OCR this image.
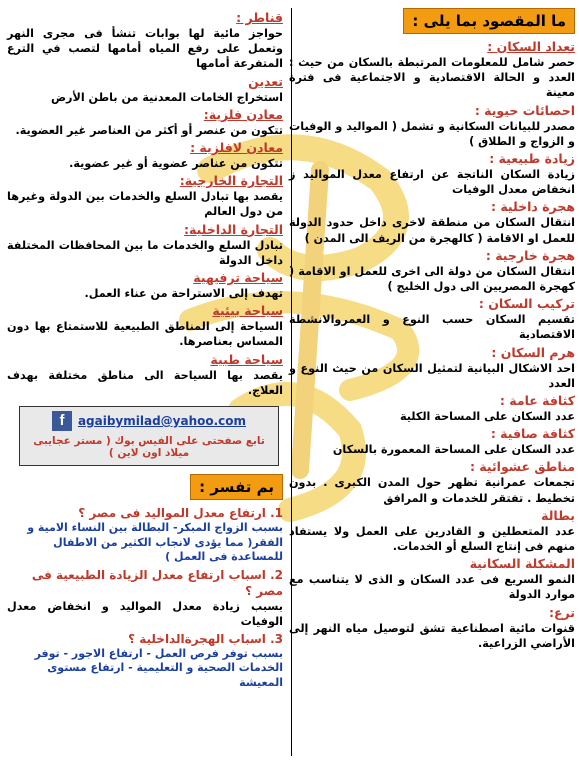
ما المقصود بما يلى :
تعداد السكان :
حصر شامل للمعلومات المرتبطة بالسكان من حيث : العدد و الحالة الاقتصادية و الاجتماعية فى فترة معينة
احصائات حيوية :
مصدر للبيانات السكانية و تشمل ( المواليد و الوفيات و الزواج و الطلاق )
زيادة طبيعية :
زيادة السكان الناتجة عن ارتفاع معدل المواليد ز انخفاض معدل الوفيات
هجرة داخلية :
انتقال السكان من منطقة لاخرى داخل حدود الدولة للعمل او الاقامة ( كالهجرة من الريف الى المدن )
هجرة خارجية :
انتقال السكان من دولة الى اخرى للعمل او الاقامة ( كهجرة المصريين الى دول الخليج )
تركيب السكان :
تقسيم السكان حسب النوع و العمروالانشطة الاقتصادية
هرم السكان :
احد الاشكال البيانية لتمثيل السكان من حيث النوع و العدد
كثافة عامة :
عدد السكان على المساحة الكلية
كثافة صافية :
عدد السكان على المساحة المعمورة بالسكان
مناطق عشوائية :
تجمعات عمرانية تظهر حول المدن الكبرى . بدون تخطيط . تفتقر للخدمات و المرافق
بطالة
عدد المتعطلين و القادرين على العمل ولا يستفاد منهم فى إنتاج السلع أو الخدمات.
المشكلة السكانية
النمو السريع فى عدد السكان و الذى لا يتناسب مع موارد الدولة
ترع:
قنوات مائية اصطناعية تشق لتوصيل مياه النهر إلى الأراضي الزراعية.
قناطر :
حواجز مائية لها بوابات تنشأ فى مجرى النهر وتعمل على رفع المياه أمامها لتصب في الترع المتفرعة أمامها
تعدين
استخراج الخامات المعدنية من باطن الأرض
معادن فلزية:
تتكون من عنصر أو أكثر من العناصر غير العضوية.
معادن لافلزية :
تتكون من عناصر عضوية أو غير عضوية.
التجارة الخارجية:
يقصد بها تبادل السلع والخدمات بين الدولة وغيرها من دول العالم
التجارة الداخلية:
تبادل السلع والخدمات ما بين المحافظات المختلفة داخل الدولة
سياحة ترفيهية
تهدف إلى الاستراحة من عناء العمل.
سياحة بيئية
السياحة إلى المناطق الطبيعية للاستمتاع بها دون المساس بعناصرها.
سياحة طبية
يقصد بها السياحة الى مناطق مختلفة بهدف العلاج.
f	agaibymilad@yahoo.com
تابع صفحتى على الفيس بوك ( مستر عجايبى ميلاد اون لاين )
بم تفسر :
1. ارتفاع معدل المواليد فى مصر ؟
بسبب الزواج المبكر- البطالة بين النساء الامية و الفقر( مما يؤدى لانجاب الكثير من الاطفال للمساعدة فى العمل )
2. اسباب ارتفاع معدل الزيادة الطبيعية فى مصر ؟
بسبب زيادة معدل المواليد و انخفاض معدل الوفيات
3. اسباب الهجرةالداخلية ؟
بسبب توفر فرص العمل - ارتفاع الاجور - توفر الخدمات الصحية و التعليمية - ارتفاع مستوى المعيشة
